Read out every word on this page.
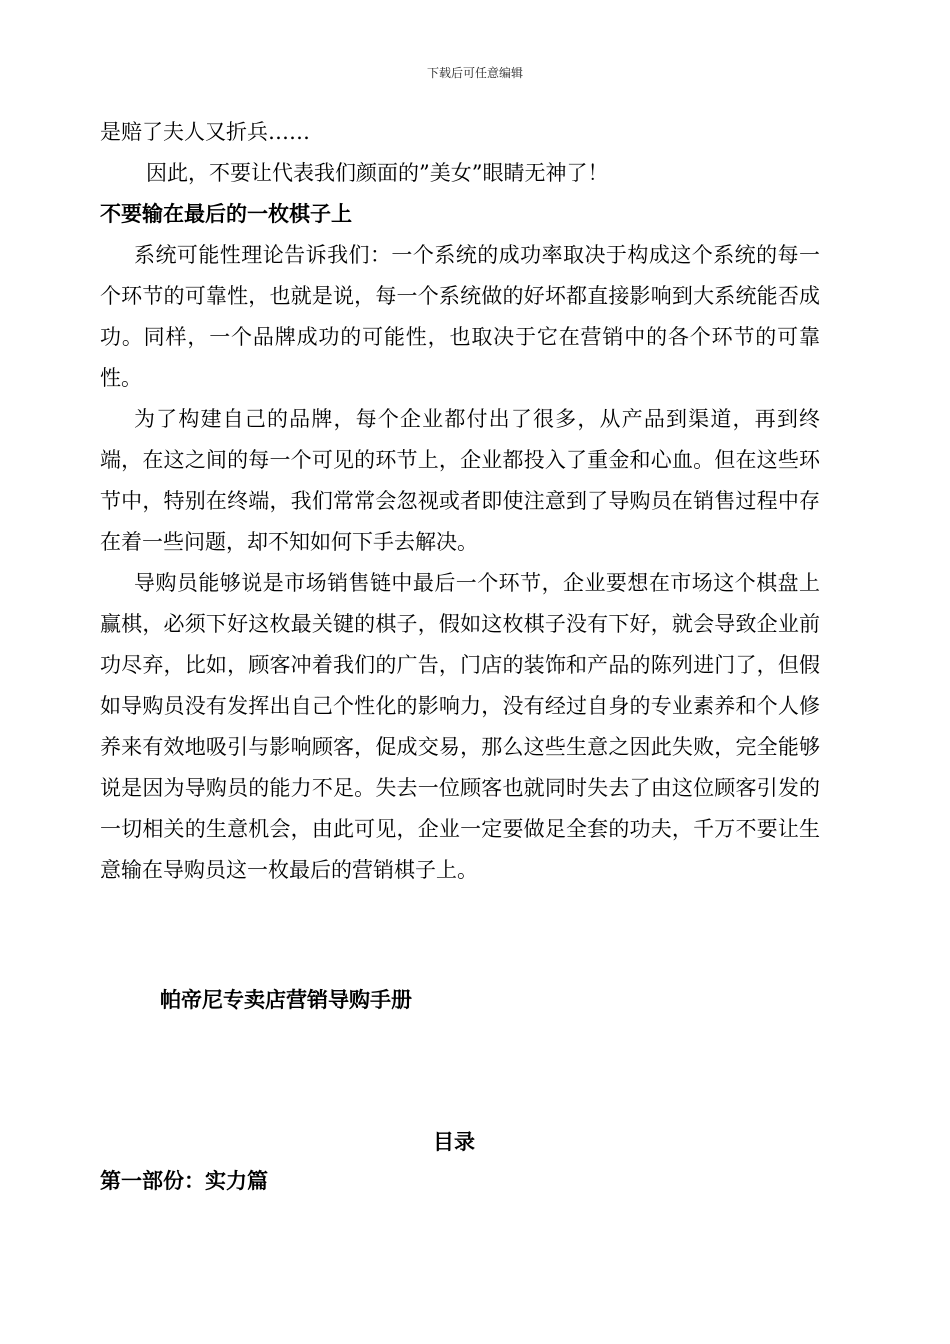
下载后可任意编辑

是赔了夫人又折兵……

因此，不要让代表我们颜面的”美女”眼睛无神了！

不要输在最后的一枚棋子上

系统可能性理论告诉我们：一个系统的成功率取决于构成这个系统的每一个环节的可靠性，也就是说，每一个系统做的好坏都直接影响到大系统能否成功。同样，一个品牌成功的可能性，也取决于它在营销中的各个环节的可靠性。

为了构建自己的品牌，每个企业都付出了很多，从产品到渠道，再到终端，在这之间的每一个可见的环节上，企业都投入了重金和心血。但在这些环节中，特别在终端，我们常常会忽视或者即使注意到了导购员在销售过程中存在着一些问题，却不知如何下手去解决。

导购员能够说是市场销售链中最后一个环节，企业要想在市场这个棋盘上赢棋，必须下好这枚最关键的棋子，假如这枚棋子没有下好，就会导致企业前功尽弃，比如，顾客冲着我们的广告，门店的装饰和产品的陈列进门了，但假如导购员没有发挥出自己个性化的影响力，没有经过自身的专业素养和个人修养来有效地吸引与影响顾客，促成交易，那么这些生意之因此失败，完全能够说是因为导购员的能力不足。失去一位顾客也就同时失去了由这位顾客引发的一切相关的生意机会，由此可见，企业一定要做足全套的功夫，千万不要让生意输在导购员这一枚最后的营销棋子上。

帕帝尼专卖店营销导购手册
目录
第一部份：实力篇
